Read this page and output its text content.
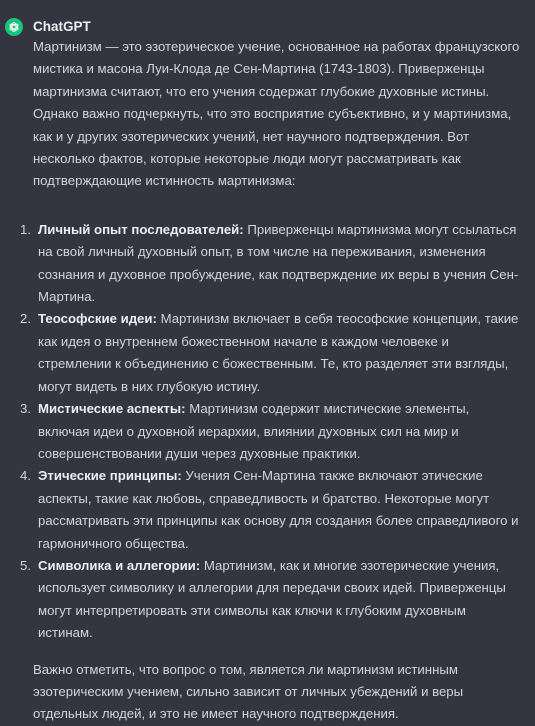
ChatGPT

Мартинизм — это эзотерическое учение, основанное на работах французского мистика и масона Луи-Клода де Сен-Мартина (1743-1803). Приверженцы мартинизма считают, что его учения содержат глубокие духовные истины. Однако важно подчеркнуть, что это восприятие субъективно, и у мартинизма, как и у других эзотерических учений, нет научного подтверждения. Вот несколько фактов, которые некоторые люди могут рассматривать как подтверждающие истинность мартинизма:

1. Личный опыт последователей: Приверженцы мартинизма могут ссылаться на свой личный духовный опыт, в том числе на переживания, изменения сознания и духовное пробуждение, как подтверждение их веры в учения Сен-Мартина.
2. Теософские идеи: Мартинизм включает в себя теософские концепции, такие как идея о внутреннем божественном начале в каждом человеке и стремлении к объединению с божественным. Те, кто разделяет эти взгляды, могут видеть в них глубокую истину.
3. Мистические аспекты: Мартинизм содержит мистические элементы, включая идеи о духовной иерархии, влиянии духовных сил на мир и совершенствовании души через духовные практики.
4. Этические принципы: Учения Сен-Мартина также включают этические аспекты, такие как любовь, справедливость и братство. Некоторые могут рассматривать эти принципы как основу для создания более справедливого и гармоничного общества.
5. Символика и аллегории: Мартинизм, как и многие эзотерические учения, использует символику и аллегории для передачи своих идей. Приверженцы могут интерпретировать эти символы как ключи к глубоким духовным истинам.

Важно отметить, что вопрос о том, является ли мартинизм истинным эзотерическим учением, сильно зависит от личных убеждений и веры отдельных людей, и это не имеет научного подтверждения.
